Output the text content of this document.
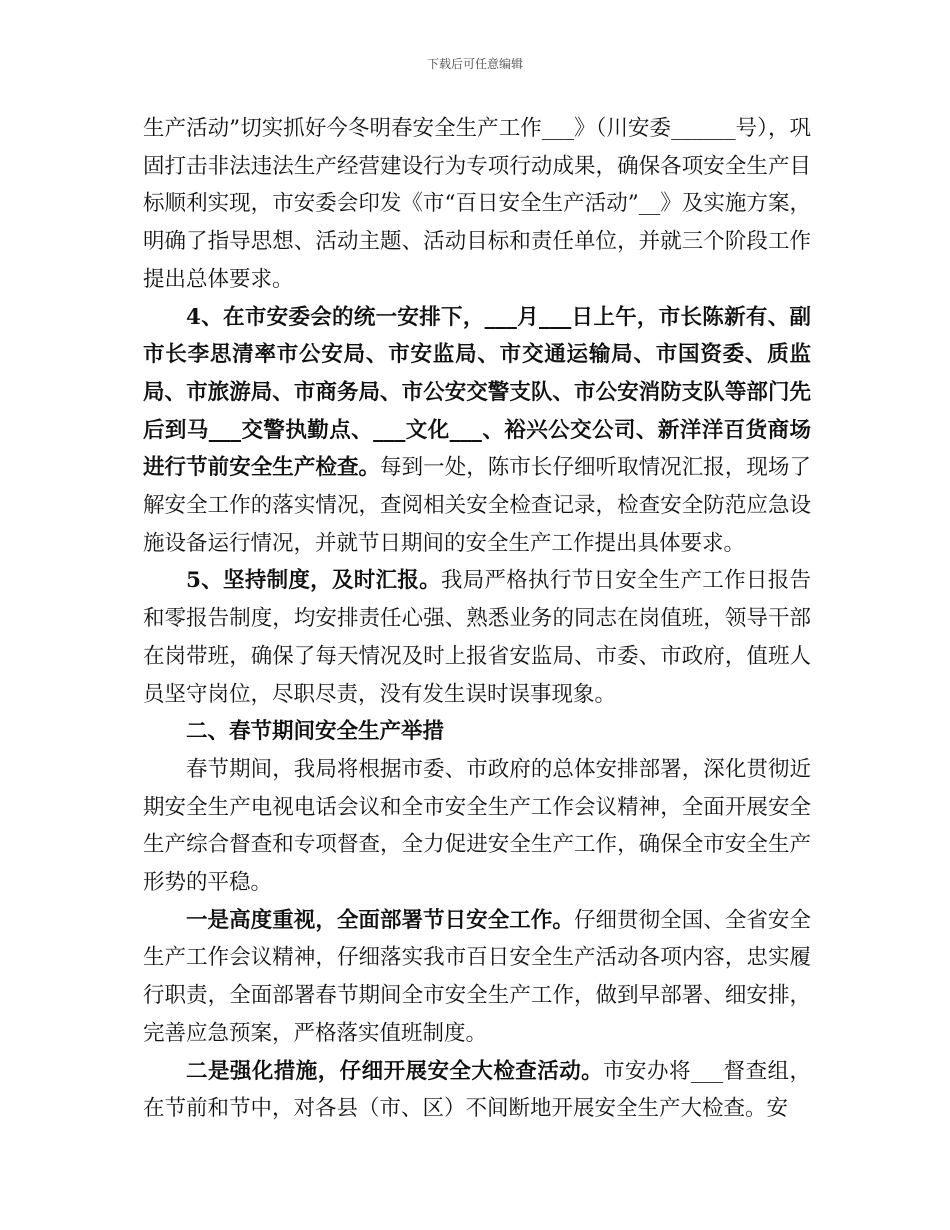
下载后可任意编辑

生产活动”切实抓好今冬明春安全生产工作___》（川安委______号），巩固打击非法违法生产经营建设行为专项行动成果，确保各项安全生产目标顺利实现，市安委会印发《市“百日安全生产活动”__》及实施方案，明确了指导思想、活动主题、活动目标和责任单位，并就三个阶段工作提出总体要求。

4、在市安委会的统一安排下，___月___日上午，市长陈新有、副市长李思清率市公安局、市安监局、市交通运输局、市国资委、质监局、市旅游局、市商务局、市公安交警支队、市公安消防支队等部门先后到马___交警执勤点、___文化___、裕兴公交公司、新洋洋百货商场进行节前安全生产检查。每到一处，陈市长仔细听取情况汇报，现场了解安全工作的落实情况，查阅相关安全检查记录，检查安全防范应急设施设备运行情况，并就节日期间的安全生产工作提出具体要求。

5、坚持制度，及时汇报。我局严格执行节日安全生产工作日报告和零报告制度，均安排责任心强、熟悉业务的同志在岗值班，领导干部在岗带班，确保了每天情况及时上报省安监局、市委、市政府，值班人员坚守岗位，尽职尽责，没有发生误时误事现象。

二、春节期间安全生产举措

春节期间，我局将根据市委、市政府的总体安排部署，深化贯彻近期安全生产电视电话会议和全市安全生产工作会议精神，全面开展安全生产综合督查和专项督查，全力促进安全生产工作，确保全市安全生产形势的平稳。

一是高度重视，全面部署节日安全工作。仔细贯彻全国、全省安全生产工作会议精神，仔细落实我市百日安全生产活动各项内容，忠实履行职责，全面部署春节期间全市安全生产工作，做到早部署、细安排，完善应急预案，严格落实值班制度。

二是强化措施，仔细开展安全大检查活动。市安办将___督查组，在节前和节中，对各县（市、区）不间断地开展安全生产大检查。安
